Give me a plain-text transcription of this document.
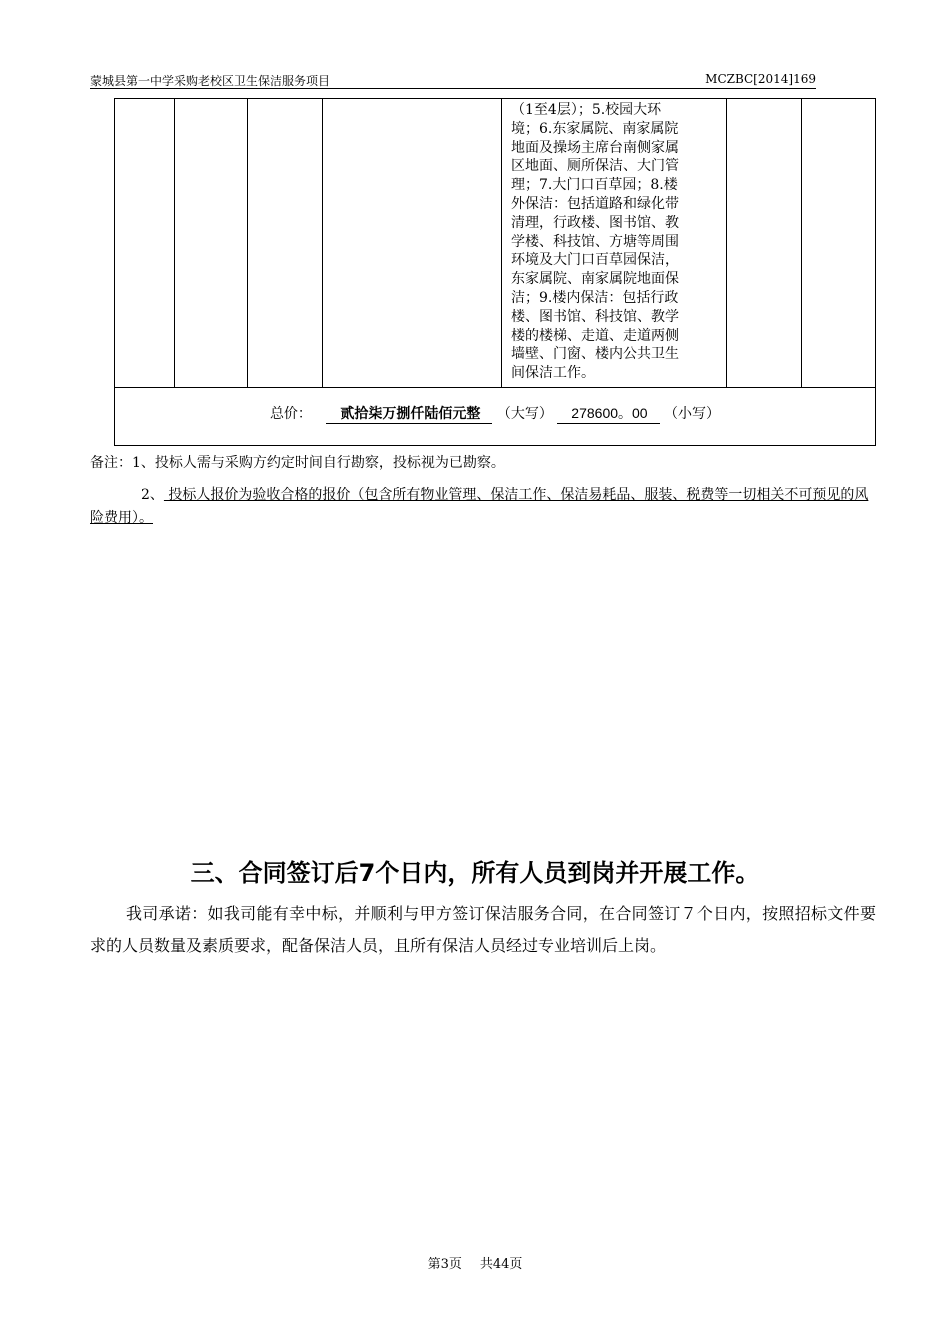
蒙城县第一中学采购老校区卫生保洁服务项目	MCZBC[2014]169

（1至4层）；5.校园大环

境；6.东家属院、南家属院

地面及操场主席台南侧家属

区地面、厕所保洁、大门管

理；7.大门口百草园；8.楼

外保洁：包括道路和绿化带

清理，行政楼、图书馆、教

学楼、科技馆、方塘等周围

环境及大门口百草园保洁，

东家属院、南家属院地面保

洁；9.楼内保洁：包括行政

楼、图书馆、科技馆、教学

楼的楼梯、走道、走道两侧

墙壁、门窗、楼内公共卫生

间保洁工作。

总价： 贰拾柒万捌仟陆佰元整 （大写） 278600。00 （小写）
备注：1、投标人需与采购方约定时间自行勘察，投标视为已勘察。
2、 投标人报价为验收合格的报价（包含所有物业管理、保洁工作、保洁易耗品、服装、税费等一切相关不可预见的风险费用）。
三、合同签订后7个日内，所有人员到岗并开展工作。

我司承诺：如我司能有幸中标，并顺利与甲方签订保洁服务合同，在合同签订７个日内，按照招标文件要求的人员数量及素质要求，配备保洁人员，且所有保洁人员经过专业培训后上岗。

第3页 共44页
